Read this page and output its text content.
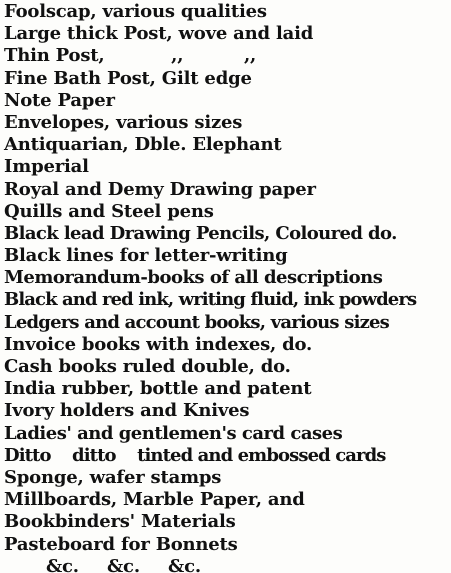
Foolscap, various qualities
Large thick Post, wove and laid
Thin Post,           ,,          ,,
Fine Bath Post, Gilt edge
Note Paper
Envelopes, various sizes
Antiquarian, Dble. Elephant
Imperial
Royal and Demy Drawing paper
Quills and Steel pens
Black lead Drawing Pencils, Coloured do.
Black lines for letter-writing
Memorandum-books of all descriptions
Black and red ink, writing fluid, ink powders
Ledgers and account books, various sizes
Invoice books with indexes, do.
Cash books ruled double, do.
India rubber, bottle and patent
Ivory holders and Knives
Ladies' and gentlemen's card cases
Ditto    ditto    tinted and embossed cards
Sponge, wafer stamps
Millboards, Marble Paper, and
Bookbinders' Materials
Pasteboard for Bonnets
&c.  &c.  &c.
